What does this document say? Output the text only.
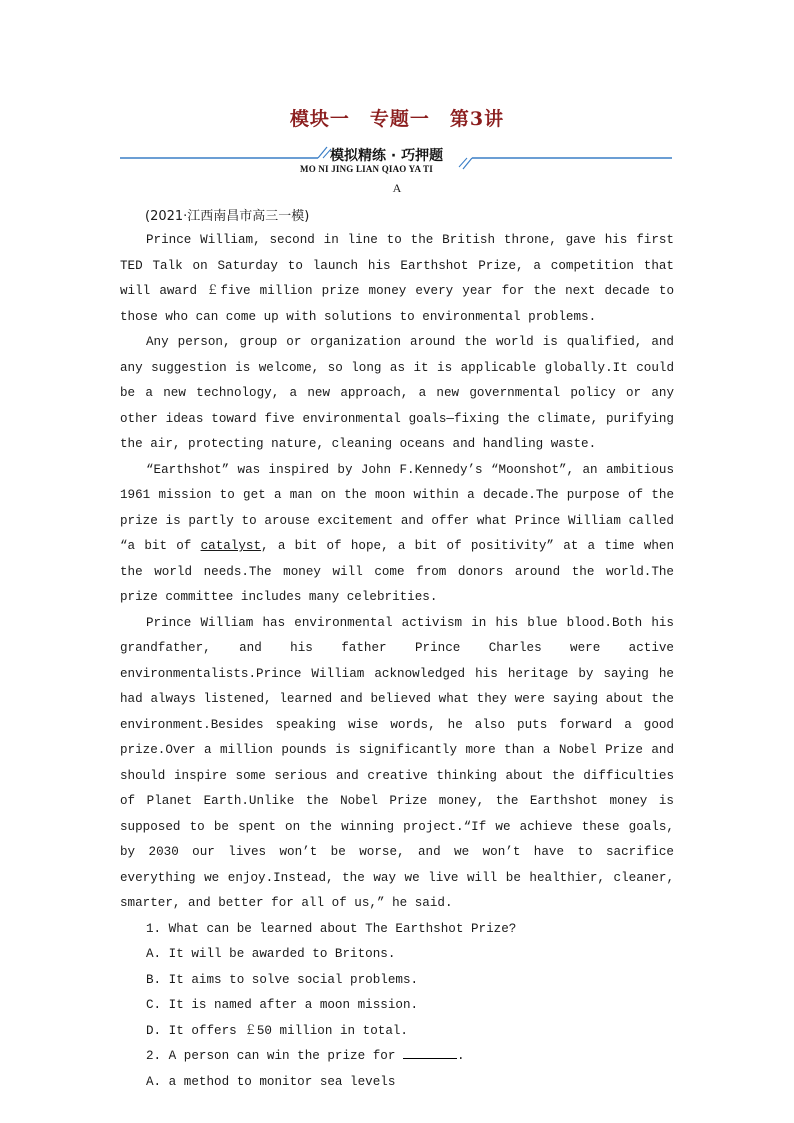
模块一　专题一　第3讲
模拟精练 · 巧押题
MO NI JING LIAN QIAO YA TI
A
(2021·江西南昌市高三一模)

Prince William, second in line to the British throne, gave his first TED Talk on Saturday to launch his Earthshot Prize, a competition that will award ￡five million prize money every year for the next decade to those who can come up with solutions to environmental problems.

Any person, group or organization around the world is qualified, and any suggestion is welcome, so long as it is applicable globally.It could be a new technology, a new approach, a new governmental policy or any other ideas toward five environmental goals—fixing the climate, purifying the air, protecting nature, cleaning oceans and handling waste.

“Earthshot” was inspired by John F.Kennedy’s “Moonshot”, an ambitious 1961 mission to get a man on the moon within a decade.The purpose of the prize is partly to arouse excitement and offer what Prince William called “a bit of catalyst, a bit of hope, a bit of positivity” at a time when the world needs.The money will come from donors around the world.The prize committee includes many celebrities.

Prince William has environmental activism in his blue blood.Both his grandfather, and his father Prince Charles were active environmentalists.Prince William acknowledged his heritage by saying he had always listened, learned and believed what they were saying about the environment.Besides speaking wise words, he also puts forward a good prize.Over a million pounds is significantly more than a Nobel Prize and should inspire some serious and creative thinking about the difficulties of Planet Earth.Unlike the Nobel Prize money, the Earthshot money is supposed to be spent on the winning project.“If we achieve these goals, by 2030 our lives won’t be worse, and we won’t have to sacrifice everything we enjoy.Instead, the way we live will be healthier, cleaner, smarter, and better for all of us,” he said.

1. What can be learned about The Earthshot Prize?

A. It will be awarded to Britons.

B. It aims to solve social problems.

C. It is named after a moon mission.

D. It offers ￡50 million in total.

2. A person can win the prize for	.

A. a method to monitor sea levels
